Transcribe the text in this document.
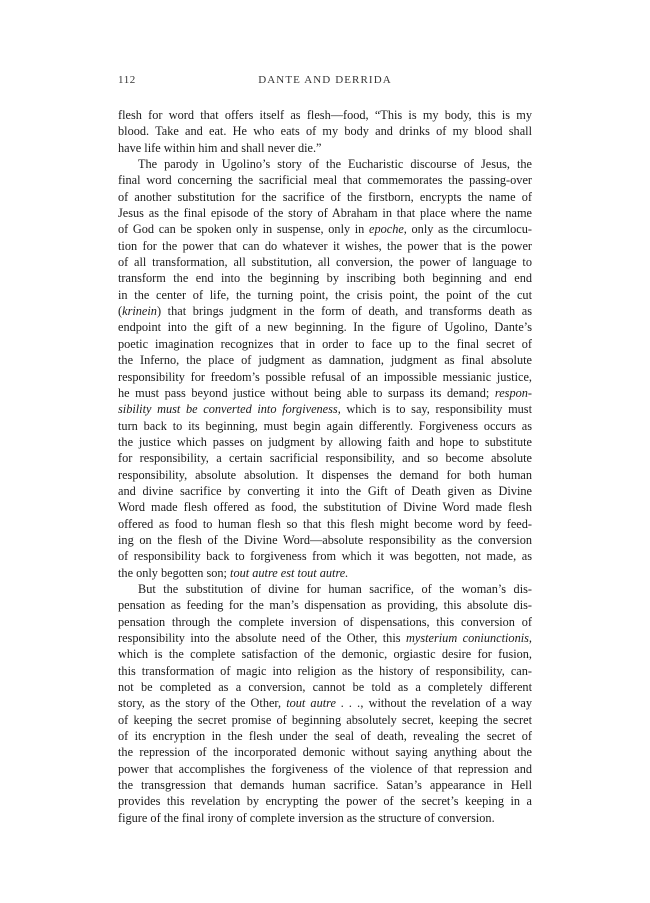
112	DANTE AND DERRIDA

flesh for word that offers itself as flesh—food, “This is my body, this is my
blood. Take and eat. He who eats of my body and drinks of my blood shall
have life within him and shall never die.”

The parody in Ugolino’s story of the Eucharistic discourse of Jesus, the
final word concerning the sacrificial meal that commemorates the passing-over
of another substitution for the sacrifice of the firstborn, encrypts the name of
Jesus as the final episode of the story of Abraham in that place where the name
of God can be spoken only in suspense, only in epoche, only as the circumlocu-
tion for the power that can do whatever it wishes, the power that is the power
of all transformation, all substitution, all conversion, the power of language to
transform the end into the beginning by inscribing both beginning and end
in the center of life, the turning point, the crisis point, the point of the cut
(krinein) that brings judgment in the form of death, and transforms death as
endpoint into the gift of a new beginning. In the figure of Ugolino, Dante’s
poetic imagination recognizes that in order to face up to the final secret of
the Inferno, the place of judgment as damnation, judgment as final absolute
responsibility for freedom’s possible refusal of an impossible messianic justice,
he must pass beyond justice without being able to surpass its demand; respon-
sibility must be converted into forgiveness, which is to say, responsibility must
turn back to its beginning, must begin again differently. Forgiveness occurs as
the justice which passes on judgment by allowing faith and hope to substitute
for responsibility, a certain sacrificial responsibility, and so become absolute
responsibility, absolute absolution. It dispenses the demand for both human
and divine sacrifice by converting it into the Gift of Death given as Divine
Word made flesh offered as food, the substitution of Divine Word made flesh
offered as food to human flesh so that this flesh might become word by feed-
ing on the flesh of the Divine Word—absolute responsibility as the conversion
of responsibility back to forgiveness from which it was begotten, not made, as
the only begotten son; tout autre est tout autre.

But the substitution of divine for human sacrifice, of the woman’s dis-
pensation as feeding for the man’s dispensation as providing, this absolute dis-
pensation through the complete inversion of dispensations, this conversion of
responsibility into the absolute need of the Other, this mysterium coniunctionis,
which is the complete satisfaction of the demonic, orgiastic desire for fusion,
this transformation of magic into religion as the history of responsibility, can-
not be completed as a conversion, cannot be told as a completely different
story, as the story of the Other, tout autre . . ., without the revelation of a way
of keeping the secret promise of beginning absolutely secret, keeping the secret
of its encryption in the flesh under the seal of death, revealing the secret of
the repression of the incorporated demonic without saying anything about the
power that accomplishes the forgiveness of the violence of that repression and
the transgression that demands human sacrifice. Satan’s appearance in Hell
provides this revelation by encrypting the power of the secret’s keeping in a
figure of the final irony of complete inversion as the structure of conversion.
